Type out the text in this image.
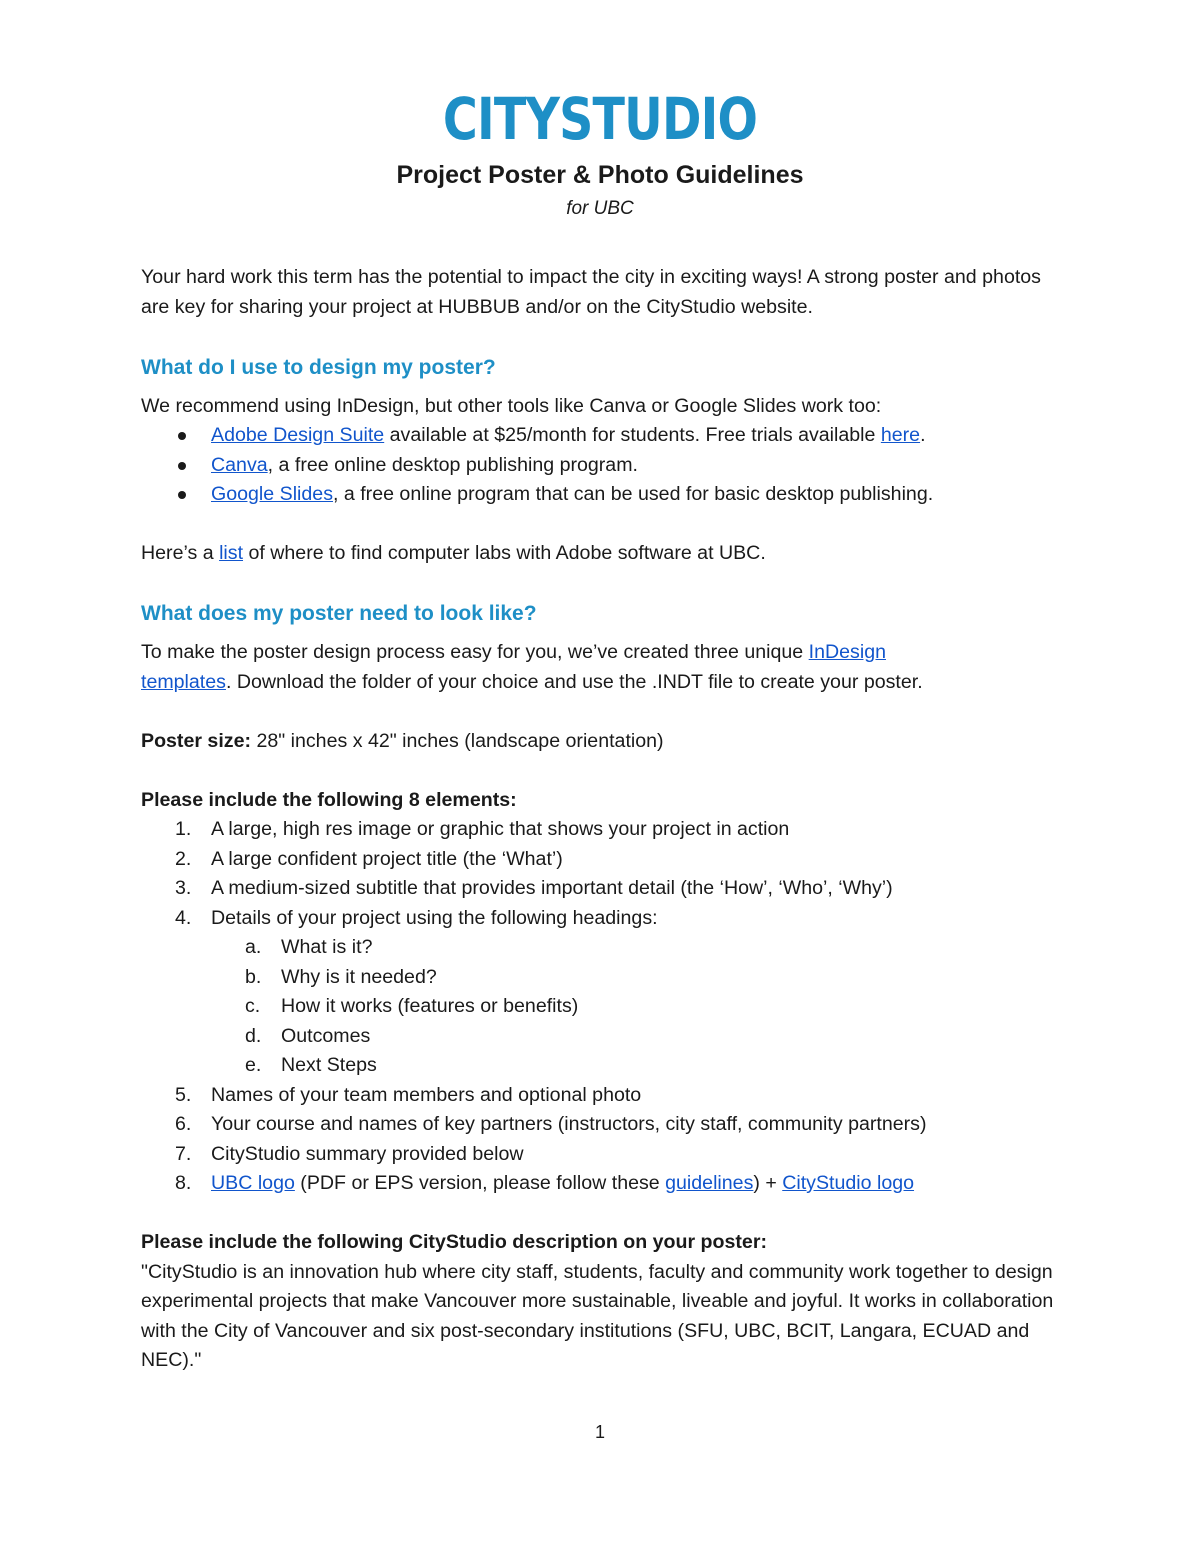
CITYSTUDIO
Project Poster & Photo Guidelines
for UBC

Your hard work this term has the potential to impact the city in exciting ways! A strong poster and photos are key for sharing your project at HUBBUB and/or on the CityStudio website.

What do I use to design my poster?

We recommend using InDesign, but other tools like Canva or Google Slides work too:

Adobe Design Suite available at $25/month for students. Free trials available here.
Canva, a free online desktop publishing program.
Google Slides, a free online program that can be used for basic desktop publishing.

Here’s a list of where to find computer labs with Adobe software at UBC.

What does my poster need to look like?

To make the poster design process easy for you, we’ve created three unique InDesign
templates. Download the folder of your choice and use the .INDT file to create your poster.

Poster size: 28" inches x 42" inches (landscape orientation)

Please include the following 8 elements:

1. A large, high res image or graphic that shows your project in action
2. A large confident project title (the ‘What’)
3. A medium-sized subtitle that provides important detail (the ‘How’, ‘Who’, ‘Why’)
4. Details of your project using the following headings:
a. What is it?
b. Why is it needed?
c. How it works (features or benefits)
d. Outcomes
e. Next Steps
5. Names of your team members and optional photo
6. Your course and names of key partners (instructors, city staff, community partners)
7. CityStudio summary provided below
8. UBC logo (PDF or EPS version, please follow these guidelines) + CityStudio logo

Please include the following CityStudio description on your poster:

"CityStudio is an innovation hub where city staff, students, faculty and community work together to design experimental projects that make Vancouver more sustainable, liveable and joyful. It works in collaboration with the City of Vancouver and six post-secondary institutions (SFU, UBC, BCIT, Langara, ECUAD and NEC)."

1
